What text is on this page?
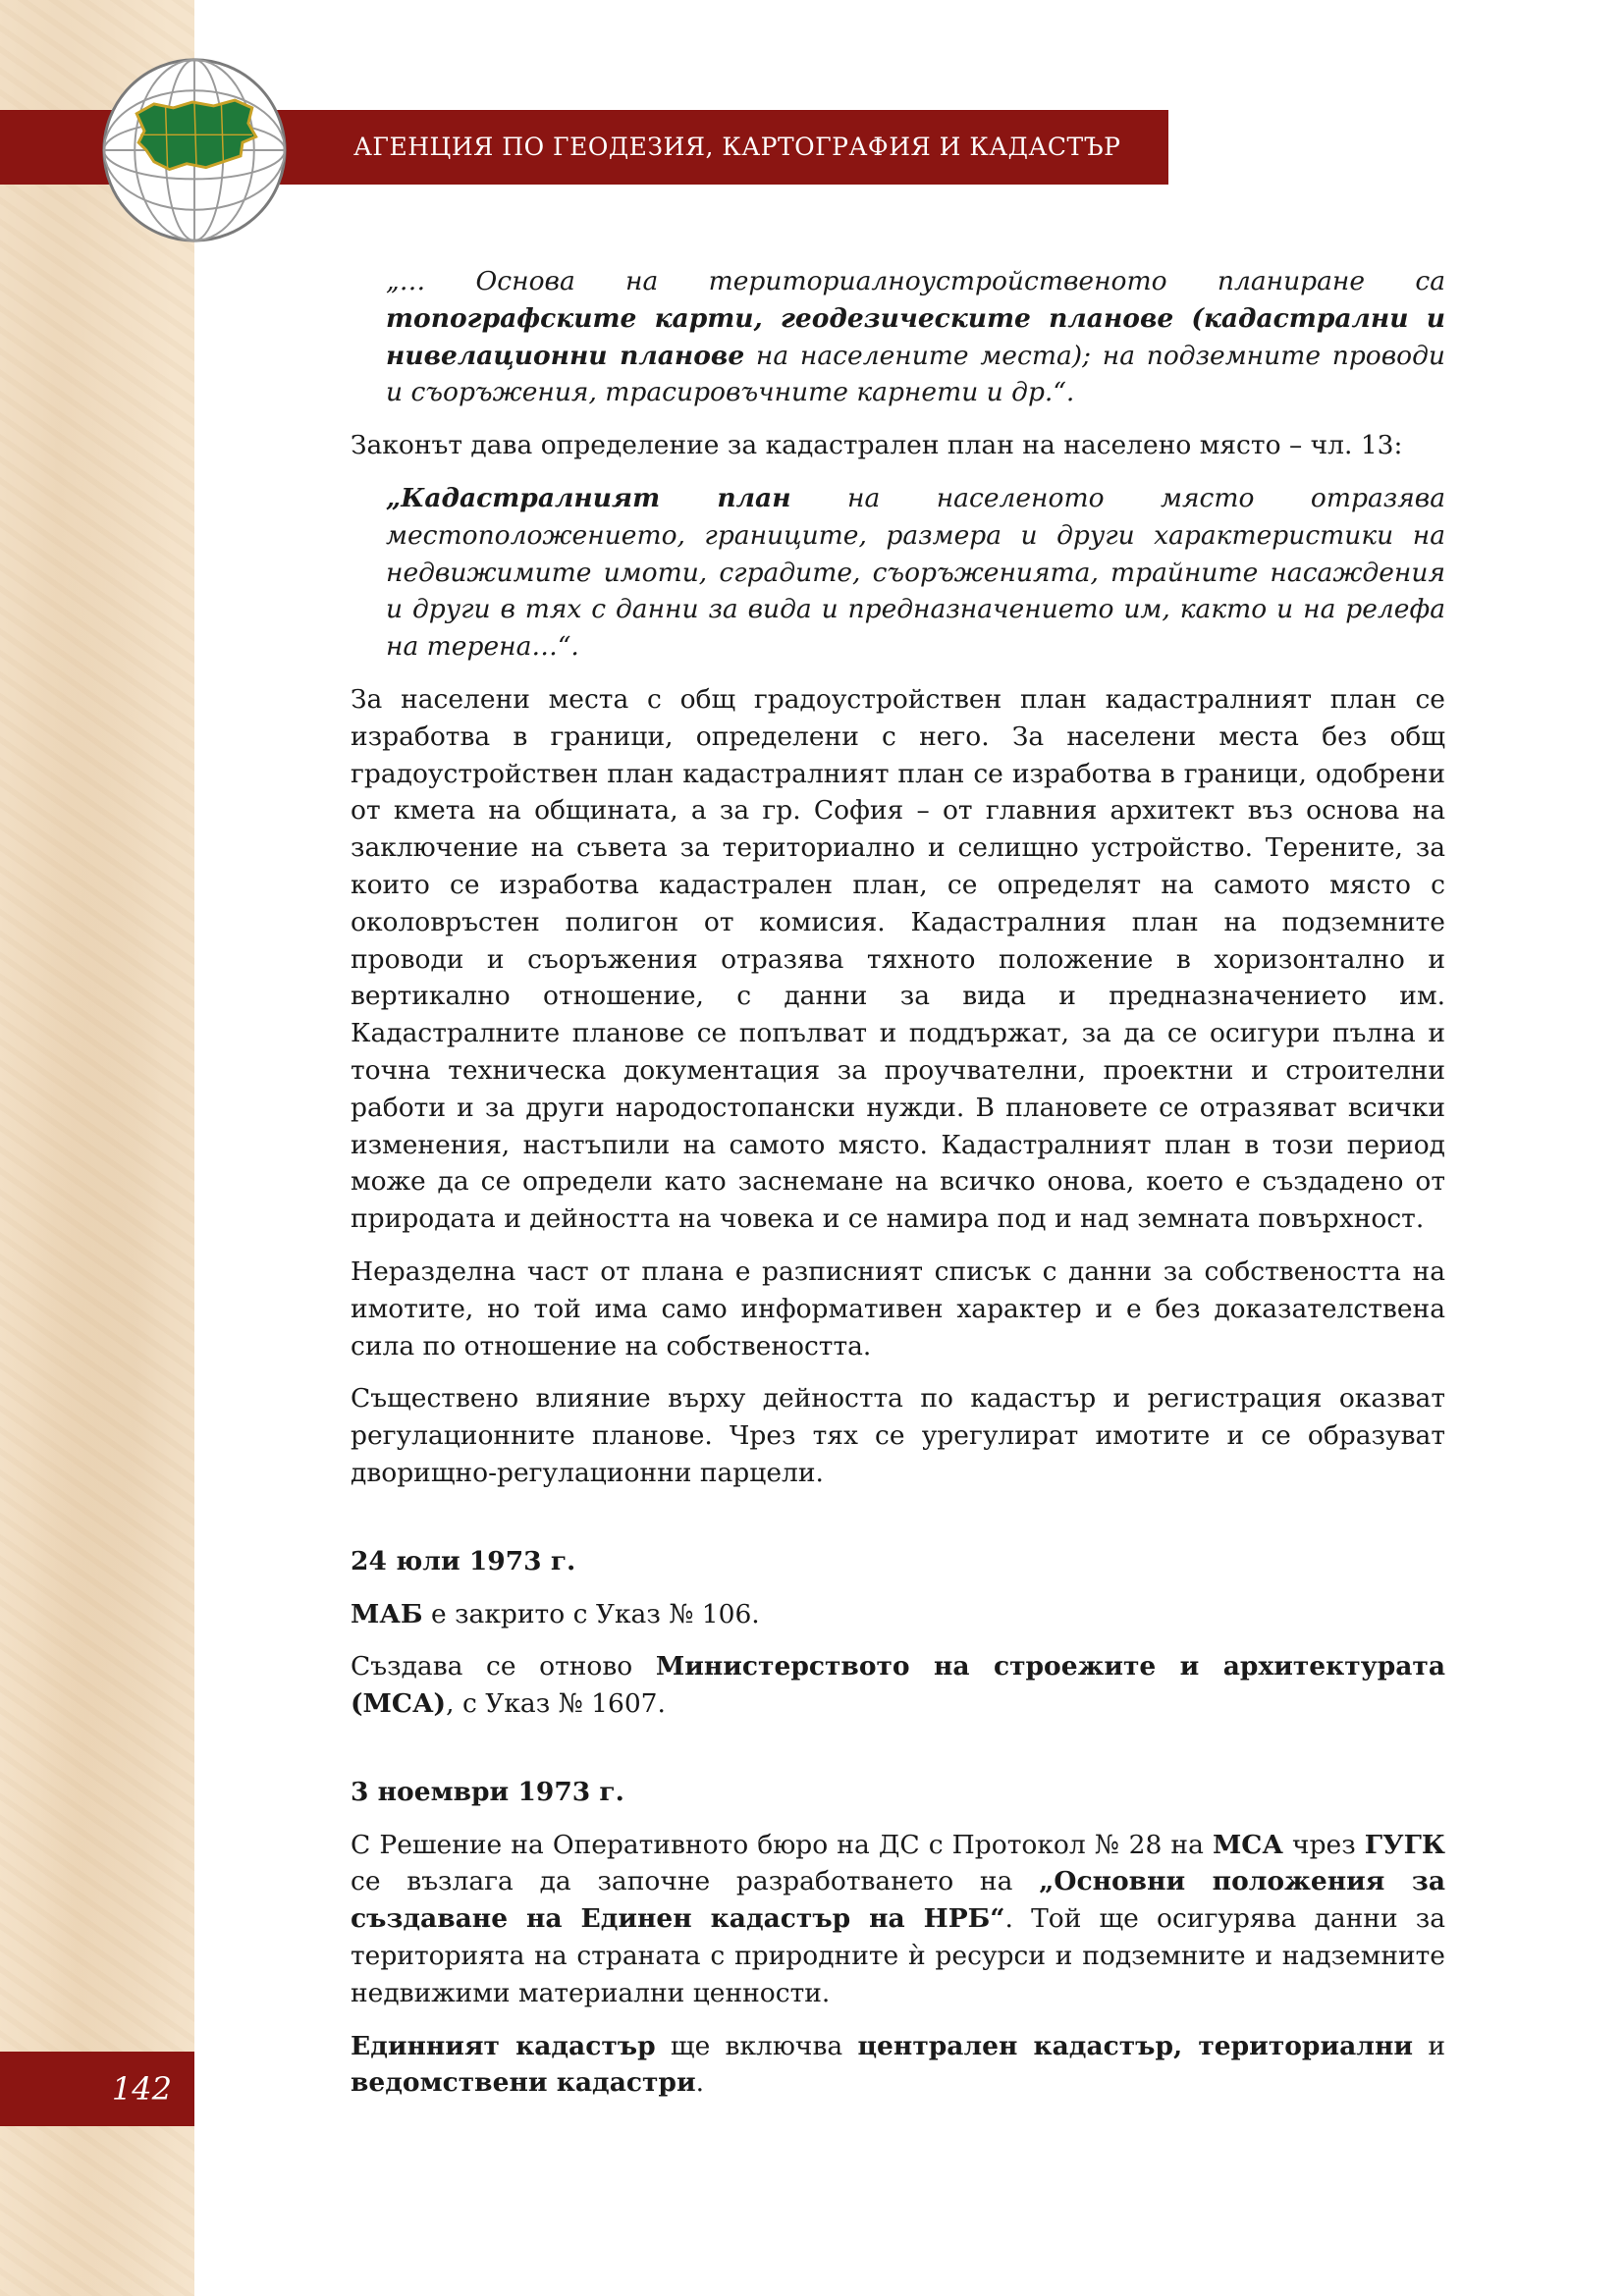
АГЕНЦИЯ ПО ГЕОДЕЗИЯ, КАРТОГРАФИЯ И КАДАСТЪР
142

„… Основа на териториалноустройственото планиране са топографските карти, геодезическите планове (кадастрални и нивелационни планове на населените места); на подземните проводи и съоръжения, трасировъчните карнети и др.“.

Законът дава определение за кадастрален план на населено място – чл. 13:

„Кадастралният план на населеното място отразява местоположението, границите, размера и други характеристики на недвижимите имоти, сградите, съоръженията, трайните насаждения и други в тях с данни за вида и предназначението им, както и на релефа на терена…“.

За населени места с общ градоустройствен план кадастралният план се изработва в граници, определени с него. За населени места без общ градоустройствен план кадастралният план се изработва в граници, одобрени от кмета на общината, а за гр. София – от главния архитект въз основа на заключение на съвета за териториално и селищно устройство. Терените, за които се изработва кадастрален план, се определят на самото място с околовръстен полигон от комисия. Кадастралния план на подземните проводи и съоръжения отразява тяхното положение в хоризонтално и вертикално отношение, с данни за вида и предназначението им. Кадастралните планове се попълват и поддържат, за да се осигури пълна и точна техническа документация за проучвателни, проектни и строителни работи и за други народостопански нужди. В плановете се отразяват всички изменения, настъпили на самото място. Кадастралният план в този период може да се определи като заснемане на всичко онова, което е създадено от природата и дейността на човека и се намира под и над земната повърхност.

Неразделна част от плана е разписният списък с данни за собствеността на имотите, но той има само информативен характер и е без доказателствена сила по отношение на собствеността.

Съществено влияние върху дейността по кадастър и регистрация оказват регулационните планове. Чрез тях се урегулират имотите и се образуват дворищно-регулационни парцели.

24 юли 1973 г.

МАБ е закрито с Указ № 106.

Създава се отново Министерството на строежите и архитектурата (МСА), с Указ № 1607.

3 ноември 1973 г.

С Решение на Оперативното бюро на ДС с Протокол № 28 на МСА чрез ГУГК се възлага да започне разработването на „Основни положения за създаване на Единен кадастър на НРБ“. Той ще осигурява данни за територията на страната с природните ѝ ресурси и подземните и надземните недвижими материални ценности.

Единният кадастър ще включва централен кадастър, териториални и ведомствени кадастри.
